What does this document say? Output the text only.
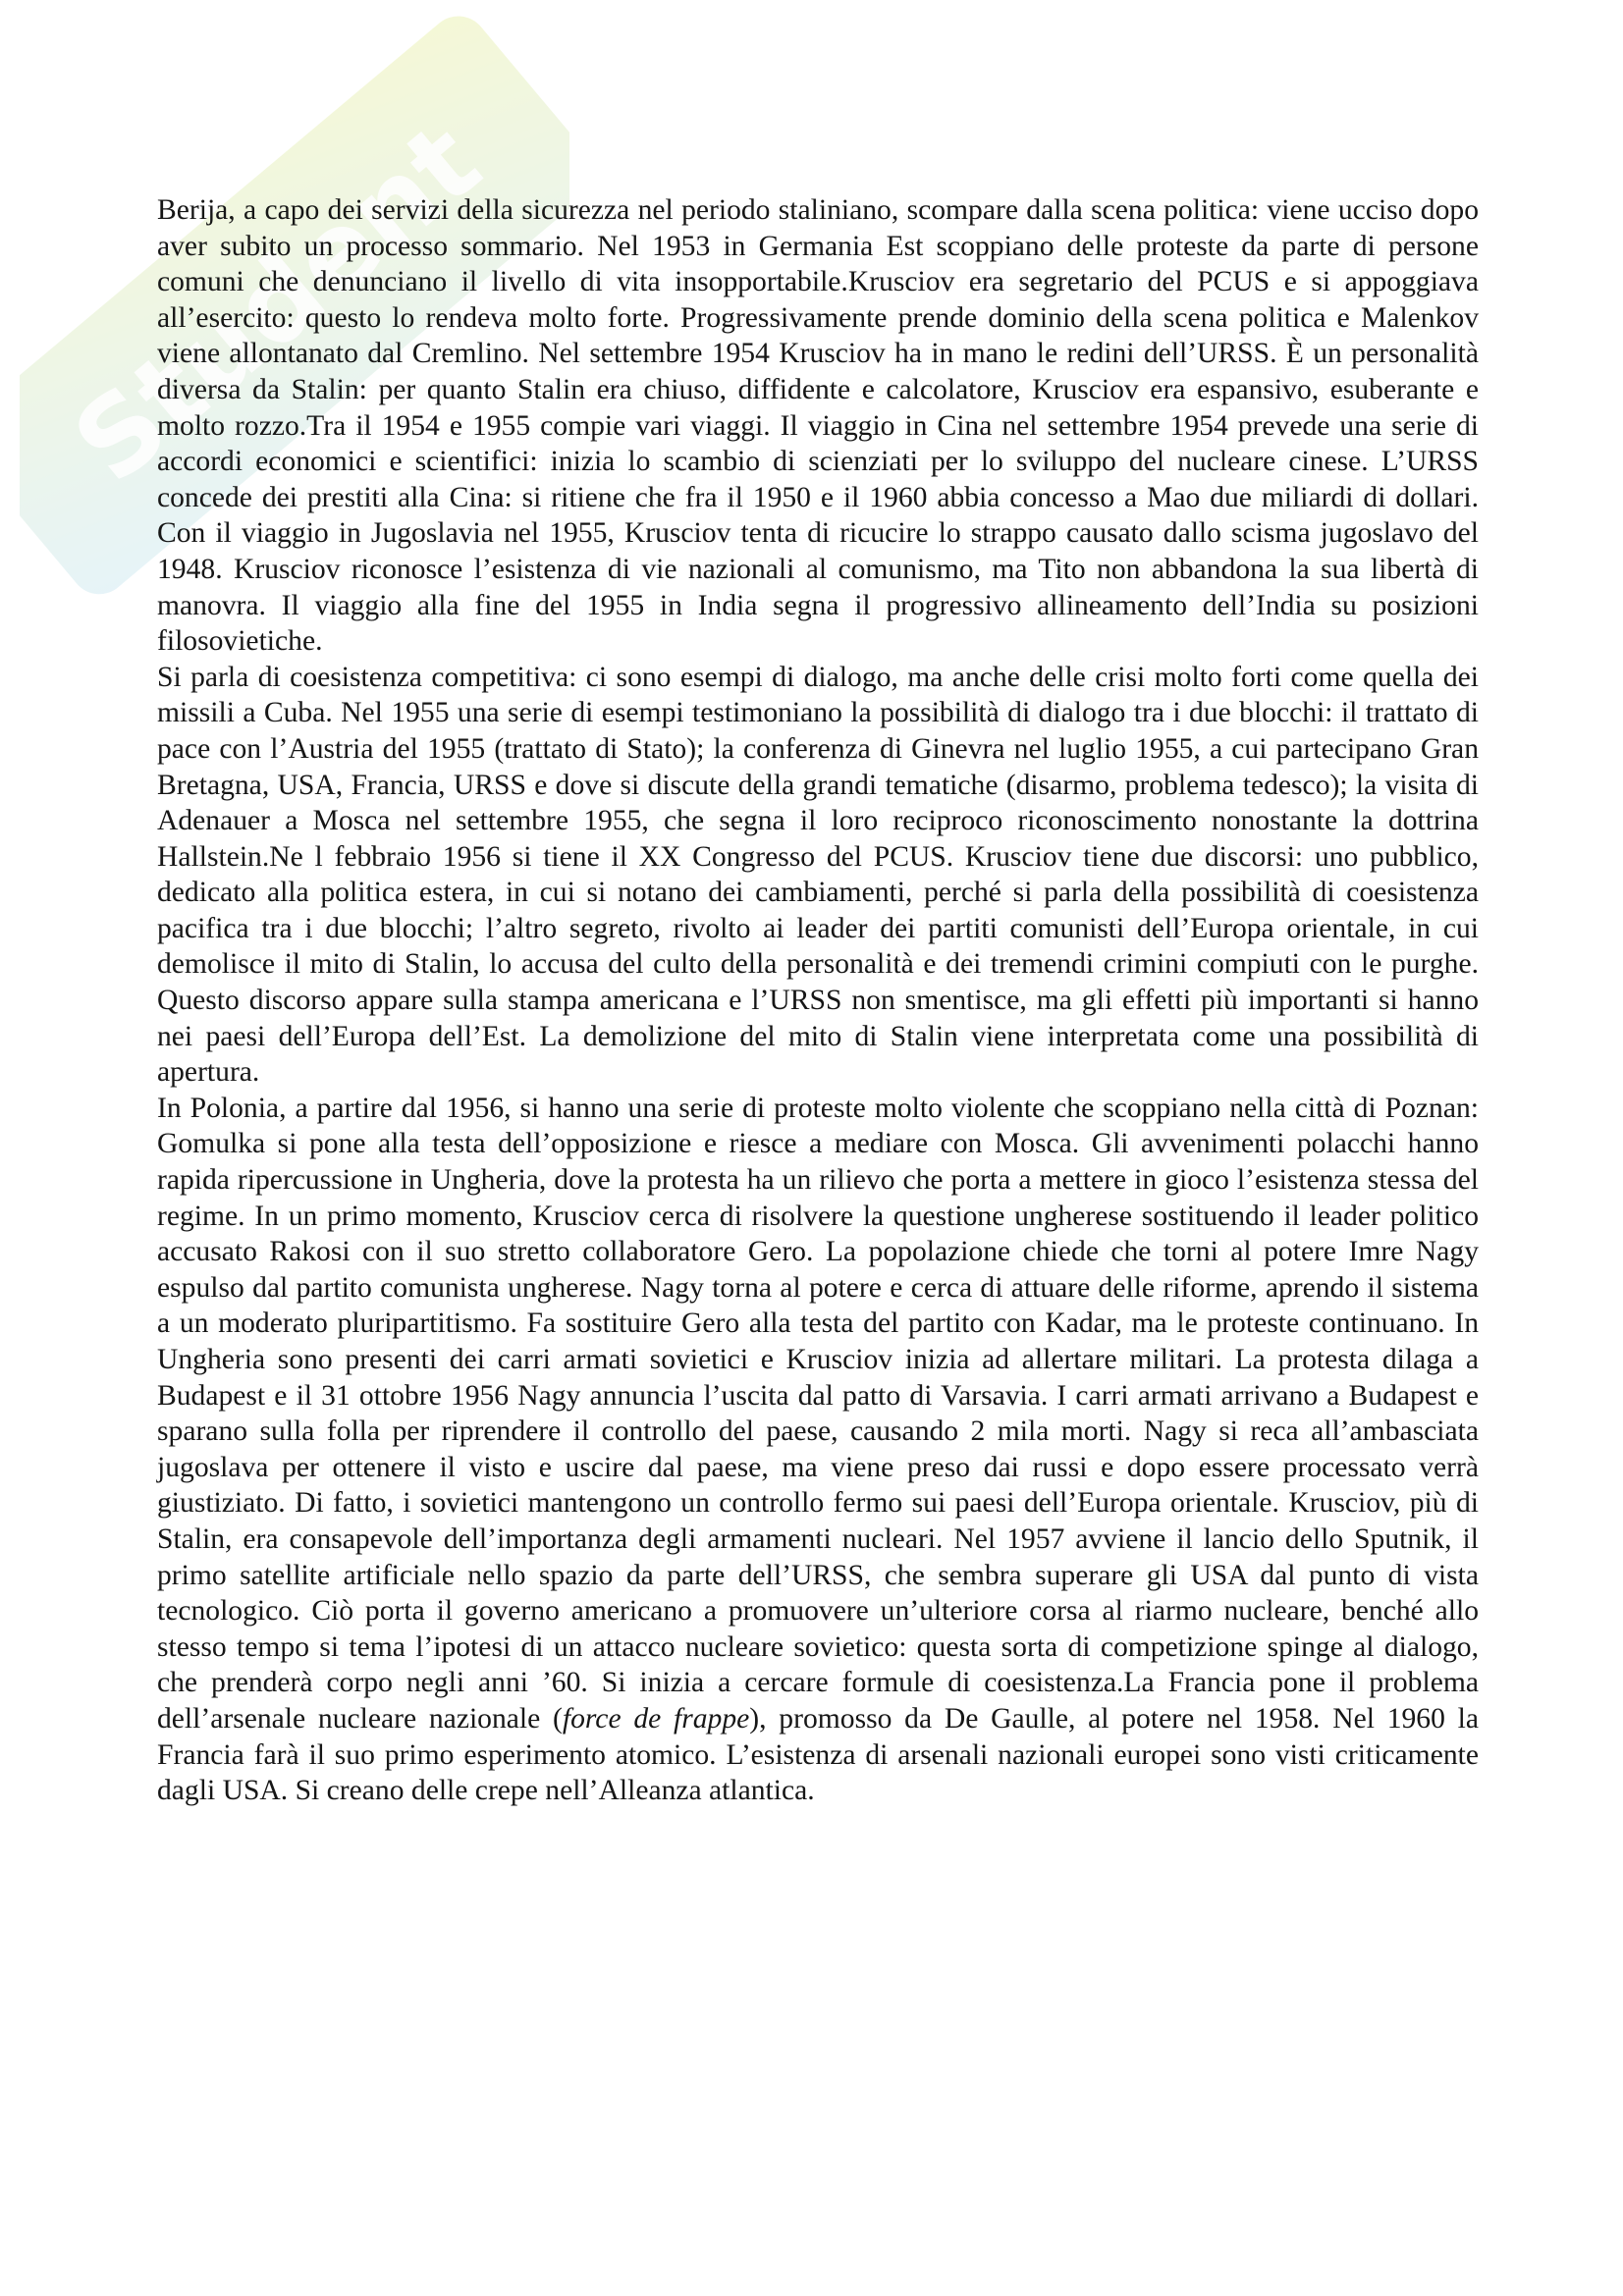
Student

Berija, a capo dei servizi della sicurezza nel periodo staliniano, scompare dalla scena politica: viene ucciso dopo aver subito un processo sommario. Nel 1953 in Germania Est scoppiano delle proteste da parte di persone comuni che denunciano il livello di vita insopportabile.Krusciov era segretario del PCUS e si appoggiava all’esercito: questo lo rendeva molto forte. Progressivamente prende dominio della scena politica e Malenkov viene allontanato dal Cremlino. Nel settembre 1954 Krusciov ha in mano le redini dell’URSS. È un personalità diversa da Stalin: per quanto Stalin era chiuso, diffidente e calcolatore, Krusciov era espansivo, esuberante e molto rozzo.Tra il 1954 e 1955 compie vari viaggi. Il viaggio in Cina nel settembre 1954 prevede una serie di accordi economici e scientifici: inizia lo scambio di scienziati per lo sviluppo del nucleare cinese. L’URSS concede dei prestiti alla Cina: si ritiene che fra il 1950 e il 1960 abbia concesso a Mao due miliardi di dollari. Con il viaggio in Jugoslavia nel 1955, Krusciov tenta di ricucire lo strappo causato dallo scisma jugoslavo del 1948. Krusciov riconosce l’esistenza di vie nazionali al comunismo, ma Tito non abbandona la sua libertà di manovra. Il viaggio alla fine del 1955 in India segna il progressivo allineamento dell’India su posizioni filosovietiche.

Si parla di coesistenza competitiva: ci sono esempi di dialogo, ma anche delle crisi molto forti come quella dei missili a Cuba. Nel 1955 una serie di esempi testimoniano la possibilità di dialogo tra i due blocchi: il trattato di pace con l’Austria del 1955 (trattato di Stato); la conferenza di Ginevra nel luglio 1955, a cui partecipano Gran Bretagna, USA, Francia, URSS e dove si discute della grandi tematiche (disarmo, problema tedesco); la visita di Adenauer a Mosca nel settembre 1955, che segna il loro reciproco riconoscimento nonostante la dottrina Hallstein.Ne l febbraio 1956 si tiene il XX Congresso del PCUS. Krusciov tiene due discorsi: uno pubblico, dedicato alla politica estera, in cui si notano dei cambiamenti, perché si parla della possibilità di coesistenza pacifica tra i due blocchi; l’altro segreto, rivolto ai leader dei partiti comunisti dell’Europa orientale, in cui demolisce il mito di Stalin, lo accusa del culto della personalità e dei tremendi crimini compiuti con le purghe. Questo discorso appare sulla stampa americana e l’URSS non smentisce, ma gli effetti più importanti si hanno nei paesi dell’Europa dell’Est. La demolizione del mito di Stalin viene interpretata come una possibilità di apertura.

In Polonia, a partire dal 1956, si hanno una serie di proteste molto violente che scoppiano nella città di Poznan: Gomulka si pone alla testa dell’opposizione e riesce a mediare con Mosca. Gli avvenimenti polacchi hanno rapida ripercussione in Ungheria, dove la protesta ha un rilievo che porta a mettere in gioco l’esistenza stessa del regime. In un primo momento, Krusciov cerca di risolvere la questione ungherese sostituendo il leader politico accusato Rakosi con il suo stretto collaboratore Gero. La popolazione chiede che torni al potere Imre Nagy espulso dal partito comunista ungherese. Nagy torna al potere e cerca di attuare delle riforme, aprendo il sistema a un moderato pluripartitismo. Fa sostituire Gero alla testa del partito con Kadar, ma le proteste continuano. In Ungheria sono presenti dei carri armati sovietici e Krusciov inizia ad allertare militari. La protesta dilaga a Budapest e il 31 ottobre 1956 Nagy annuncia l’uscita dal patto di Varsavia. I carri armati arrivano a Budapest e sparano sulla folla per riprendere il controllo del paese, causando 2 mila morti. Nagy si reca all’ambasciata jugoslava per ottenere il visto e uscire dal paese, ma viene preso dai russi e dopo essere processato verrà giustiziato. Di fatto, i sovietici mantengono un controllo fermo sui paesi dell’Europa orientale. Krusciov, più di Stalin, era consapevole dell’importanza degli armamenti nucleari. Nel 1957 avviene il lancio dello Sputnik, il primo satellite artificiale nello spazio da parte dell’URSS, che sembra superare gli USA dal punto di vista tecnologico. Ciò porta il governo americano a promuovere un’ulteriore corsa al riarmo nucleare, benché allo stesso tempo si tema l’ipotesi di un attacco nucleare sovietico: questa sorta di competizione spinge al dialogo, che prenderà corpo negli anni ’60. Si inizia a cercare formule di coesistenza.La Francia pone il problema dell’arsenale nucleare nazionale (force de frappe), promosso da De Gaulle, al potere nel 1958. Nel 1960 la Francia farà il suo primo esperimento atomico. L’esistenza di arsenali nazionali europei sono visti criticamente dagli USA. Si creano delle crepe nell’Alleanza atlantica.
